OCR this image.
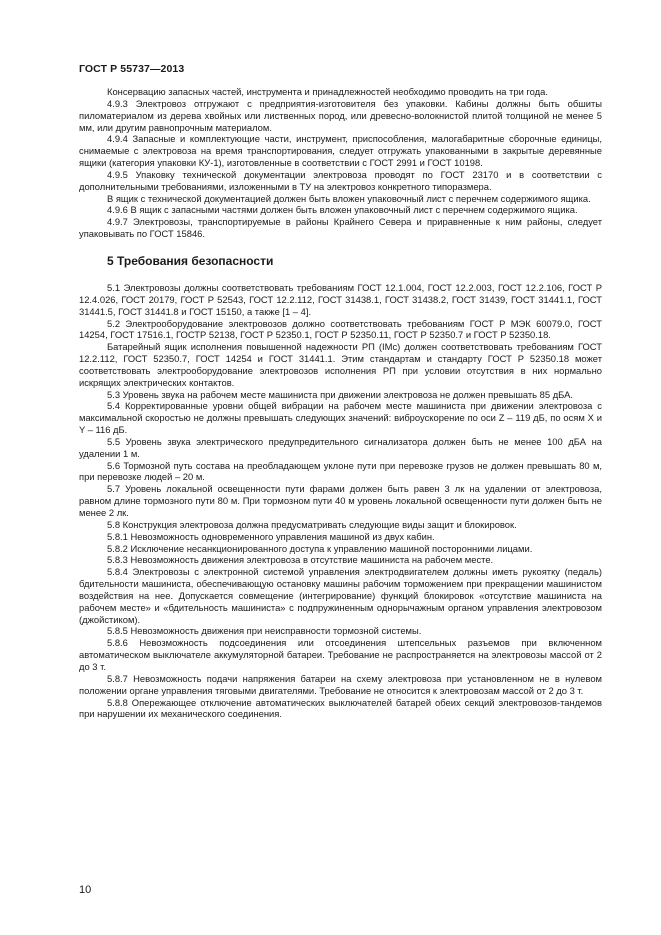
ГОСТ Р 55737—2013

Консервацию запасных частей, инструмента и принадлежностей необходимо проводить на три года.

4.9.3 Электровоз отгружают с предприятия-изготовителя без упаковки. Кабины должны быть обшиты пиломатериалом из дерева хвойных или лиственных пород, или древесно-волокнистой плитой толщиной не менее 5 мм, или другим равнопрочным материалом.

4.9.4 Запасные и комплектующие части, инструмент, приспособления, малогабаритные сборочные единицы, снимаемые с электровоза на время транспортирования, следует отгружать упакованными в закрытые деревянные ящики (категория упаковки КУ-1), изготовленные в соответствии с ГОСТ 2991 и ГОСТ 10198.

4.9.5 Упаковку технической документации электровоза проводят по ГОСТ 23170 и в соответствии с дополнительными требованиями, изложенными в ТУ на электровоз конкретного типоразмера.

В ящик с технической документацией должен быть вложен упаковочный лист с перечнем содержимого ящика.

4.9.6 В ящик с запасными частями должен быть вложен упаковочный лист с перечнем содержимого ящика.

4.9.7 Электровозы, транспортируемые в районы Крайнего Севера и приравненные к ним районы, следует упаковывать по ГОСТ 15846.

5 Требования безопасности

5.1 Электровозы должны соответствовать требованиям ГОСТ 12.1.004, ГОСТ 12.2.003, ГОСТ 12.2.106, ГОСТ Р 12.4.026, ГОСТ 20179, ГОСТ Р 52543, ГОСТ 12.2.112, ГОСТ 31438.1, ГОСТ 31438.2, ГОСТ 31439, ГОСТ 31441.1, ГОСТ 31441.5, ГОСТ 31441.8 и ГОСТ 15150, а также [1 – 4].

5.2 Электрооборудование электровозов должно соответствовать требованиям ГОСТ Р МЭК 60079.0, ГОСТ 14254, ГОСТ 17516.1, ГОСТР 52138, ГОСТ Р 52350.1, ГОСТ Р 52350.11, ГОСТ Р 52350.7 и ГОСТ Р 52350.18.

Батарейный ящик исполнения повышенной надежности РП (IMc) должен соответствовать требованиям ГОСТ 12.2.112, ГОСТ 52350.7, ГОСТ 14254 и ГОСТ 31441.1. Этим стандартам и стандарту ГОСТ Р 52350.18 может соответствовать электрооборудование электровозов исполнения РП при условии отсутствия в них нормально искрящих электрических контактов.

5.3 Уровень звука на рабочем месте машиниста при движении электровоза не должен превышать 85 дБА.

5.4 Корректированные уровни общей вибрации на рабочем месте машиниста при движении электровоза с максимальной скоростью не должны превышать следующих значений: виброускорение по оси Z – 119 дБ, по осям X и Y – 116 дБ.

5.5 Уровень звука электрического предупредительного сигнализатора должен быть не менее 100 дБА на удалении 1 м.

5.6 Тормозной путь состава на преобладающем уклоне пути при перевозке грузов не должен превышать 80 м, при перевозке людей – 20 м.

5.7 Уровень локальной освещенности пути фарами должен быть равен 3 лк на удалении от электровоза, равном длине тормозного пути 80 м. При тормозном пути 40 м уровень локальной освещенности пути должен быть не менее 2 лк.

5.8 Конструкция электровоза должна предусматривать следующие виды защит и блокировок.

5.8.1 Невозможность одновременного управления машиной из двух кабин.

5.8.2 Исключение несанкционированного доступа к управлению машиной посторонними лицами.

5.8.3 Невозможность движения электровоза в отсутствие машиниста на рабочем месте.

5.8.4 Электровозы с электронной системой управления электродвигателем должны иметь рукоятку (педаль) бдительности машиниста, обеспечивающую остановку машины рабочим торможением при прекращении машинистом воздействия на нее. Допускается совмещение (интегрирование) функций блокировок «отсутствие машиниста на рабочем месте» и «бдительность машиниста» с подпружиненным однорычажным органом управления электровозом (джойстиком).

5.8.5 Невозможность движения при неисправности тормозной системы.

5.8.6 Невозможность подсоединения или отсоединения штепсельных разъемов при включенном автоматическом выключателе аккумуляторной батареи. Требование не распространяется на электровозы массой от 2 до 3 т.

5.8.7 Невозможность подачи напряжения батареи на схему электровоза при установленном не в нулевом положении органе управления тяговыми двигателями. Требование не относится к электровозам массой от 2 до 3 т.

5.8.8 Опережающее отключение автоматических выключателей батарей обеих секций электровозов-тандемов при нарушении их механического соединения.

10
